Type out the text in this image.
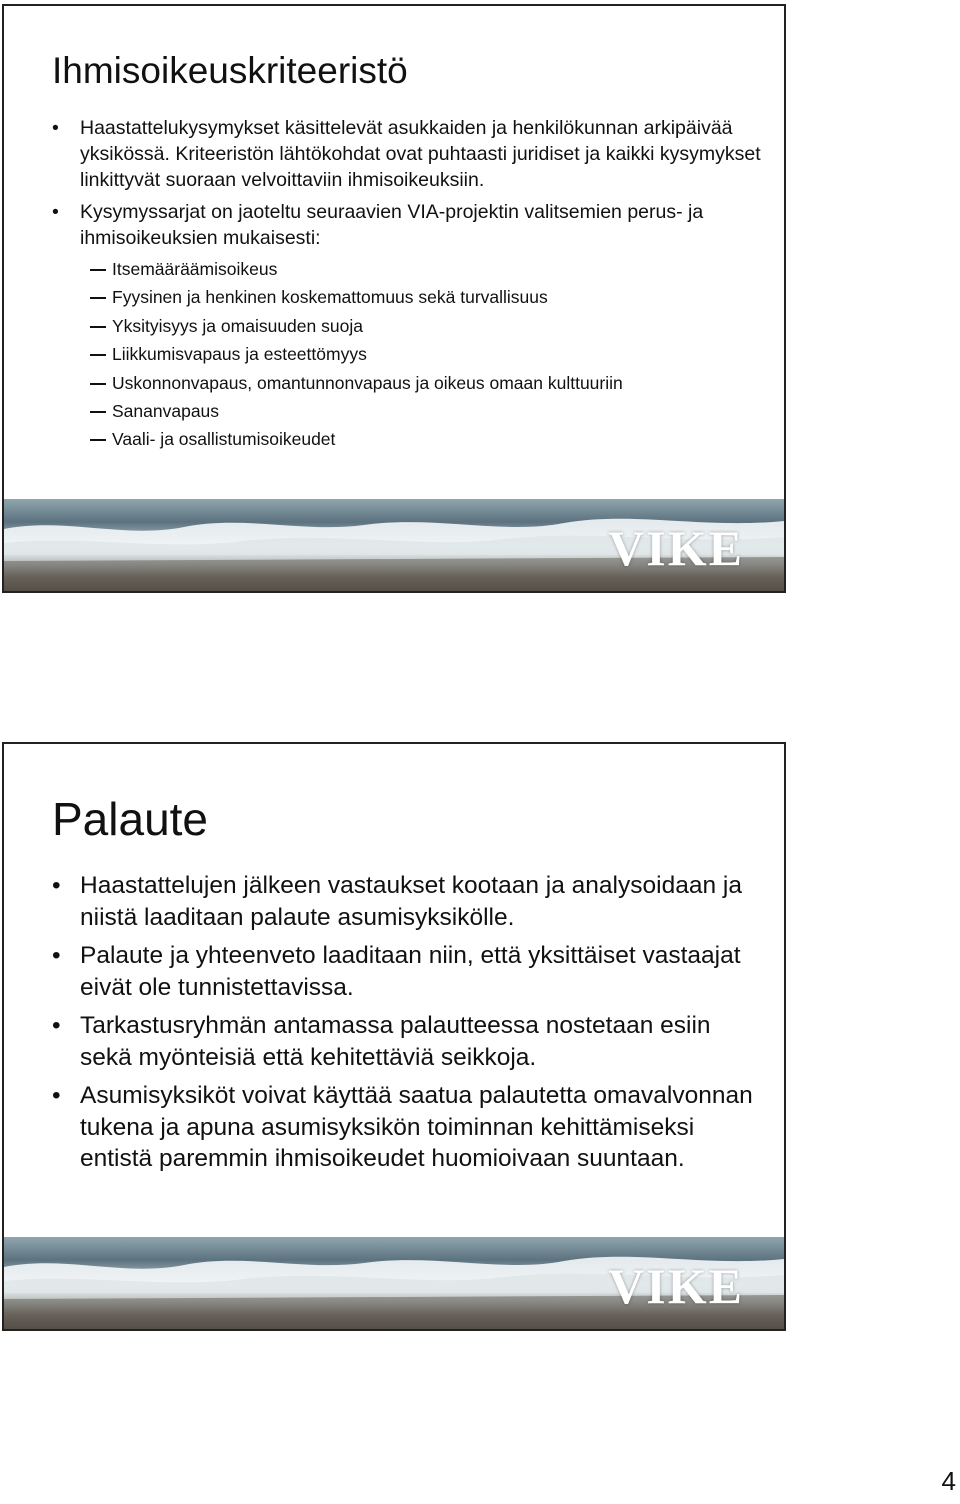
Ihmisoikeuskriteeristö
• Haastattelukysymykset käsittelevät asukkaiden ja henkilökunnan arkipäivää yksikössä. Kriteeristön lähtökohdat ovat puhtaasti juridiset ja kaikki kysymykset linkittyvät suoraan velvoittaviin ihmisoikeuksiin.
• Kysymyssarjat on jaoteltu seuraavien VIA-projektin valitsemien perus- ja ihmisoikeuksien mukaisesti:
Itsemääräämisoikeus
Fyysinen ja henkinen koskemattomuus sekä turvallisuus
Yksityisyys ja omaisuuden suoja
Liikkumisvapaus ja esteettömyys
Uskonnonvapaus, omantunnonvapaus ja oikeus omaan kulttuuriin
Sananvapaus
Vaali- ja osallistumisoikeudet
VIKE
Palaute
• Haastattelujen jälkeen vastaukset kootaan ja analysoidaan ja niistä laaditaan palaute asumisyksikölle.
• Palaute ja yhteenveto laaditaan niin, että yksittäiset vastaajat eivät ole tunnistettavissa.
• Tarkastusryhmän antamassa palautteessa nostetaan esiin sekä myönteisiä että kehitettäviä seikkoja.
• Asumisyksiköt voivat käyttää saatua palautetta omavalvonnan tukena ja apuna asumisyksikön toiminnan kehittämiseksi entistä paremmin ihmisoikeudet huomioivaan suuntaan.
VIKE
4
